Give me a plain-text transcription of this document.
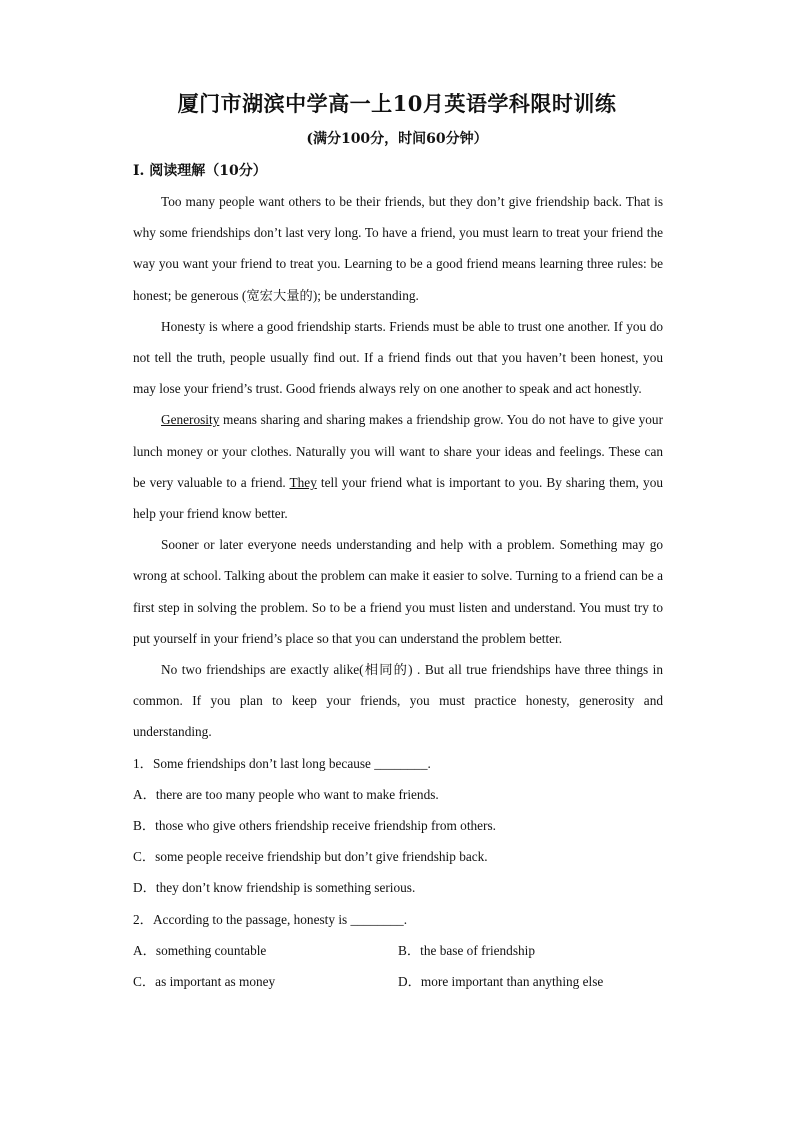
厦门市湖滨中学高一上10月英语学科限时训练
(满分100分，时间60分钟）
I. 阅读理解（10分）

Too many people want others to be their friends, but they don’t give friendship back. That is why some friendships don’t last very long. To have a friend, you must learn to treat your friend the way you want your friend to treat you. Learning to be a good friend means learning three rules: be honest; be generous (宽宏大量的); be understanding.

Honesty is where a good friendship starts. Friends must be able to trust one another. If you do not tell the truth, people usually find out. If a friend finds out that you haven’t been honest, you may lose your friend’s trust. Good friends always rely on one another to speak and act honestly.

Generosity means sharing and sharing makes a friendship grow. You do not have to give your lunch money or your clothes. Naturally you will want to share your ideas and feelings. These can be very valuable to a friend. They tell your friend what is important to you. By sharing them, you help your friend know better.

Sooner or later everyone needs understanding and help with a problem. Something may go wrong at school. Talking about the problem can make it easier to solve. Turning to a friend can be a first step in solving the problem. So to be a friend you must listen and understand. You must try to put yourself in your friend’s place so that you can understand the problem better.

No two friendships are exactly alike(相同的) . But all true friendships have three things in common. If you plan to keep your friends, you must practice honesty, generosity and understanding.

1．Some friendships don’t last long because ________.

A．there are too many people who want to make friends.

B．those who give others friendship receive friendship from others.

C．some people receive friendship but don’t give friendship back.

D．they don’t know friendship is something serious.

2．According to the passage, honesty is ________.

A．something countable	B．the base of friendship
C．as important as money	D．more important than anything else
